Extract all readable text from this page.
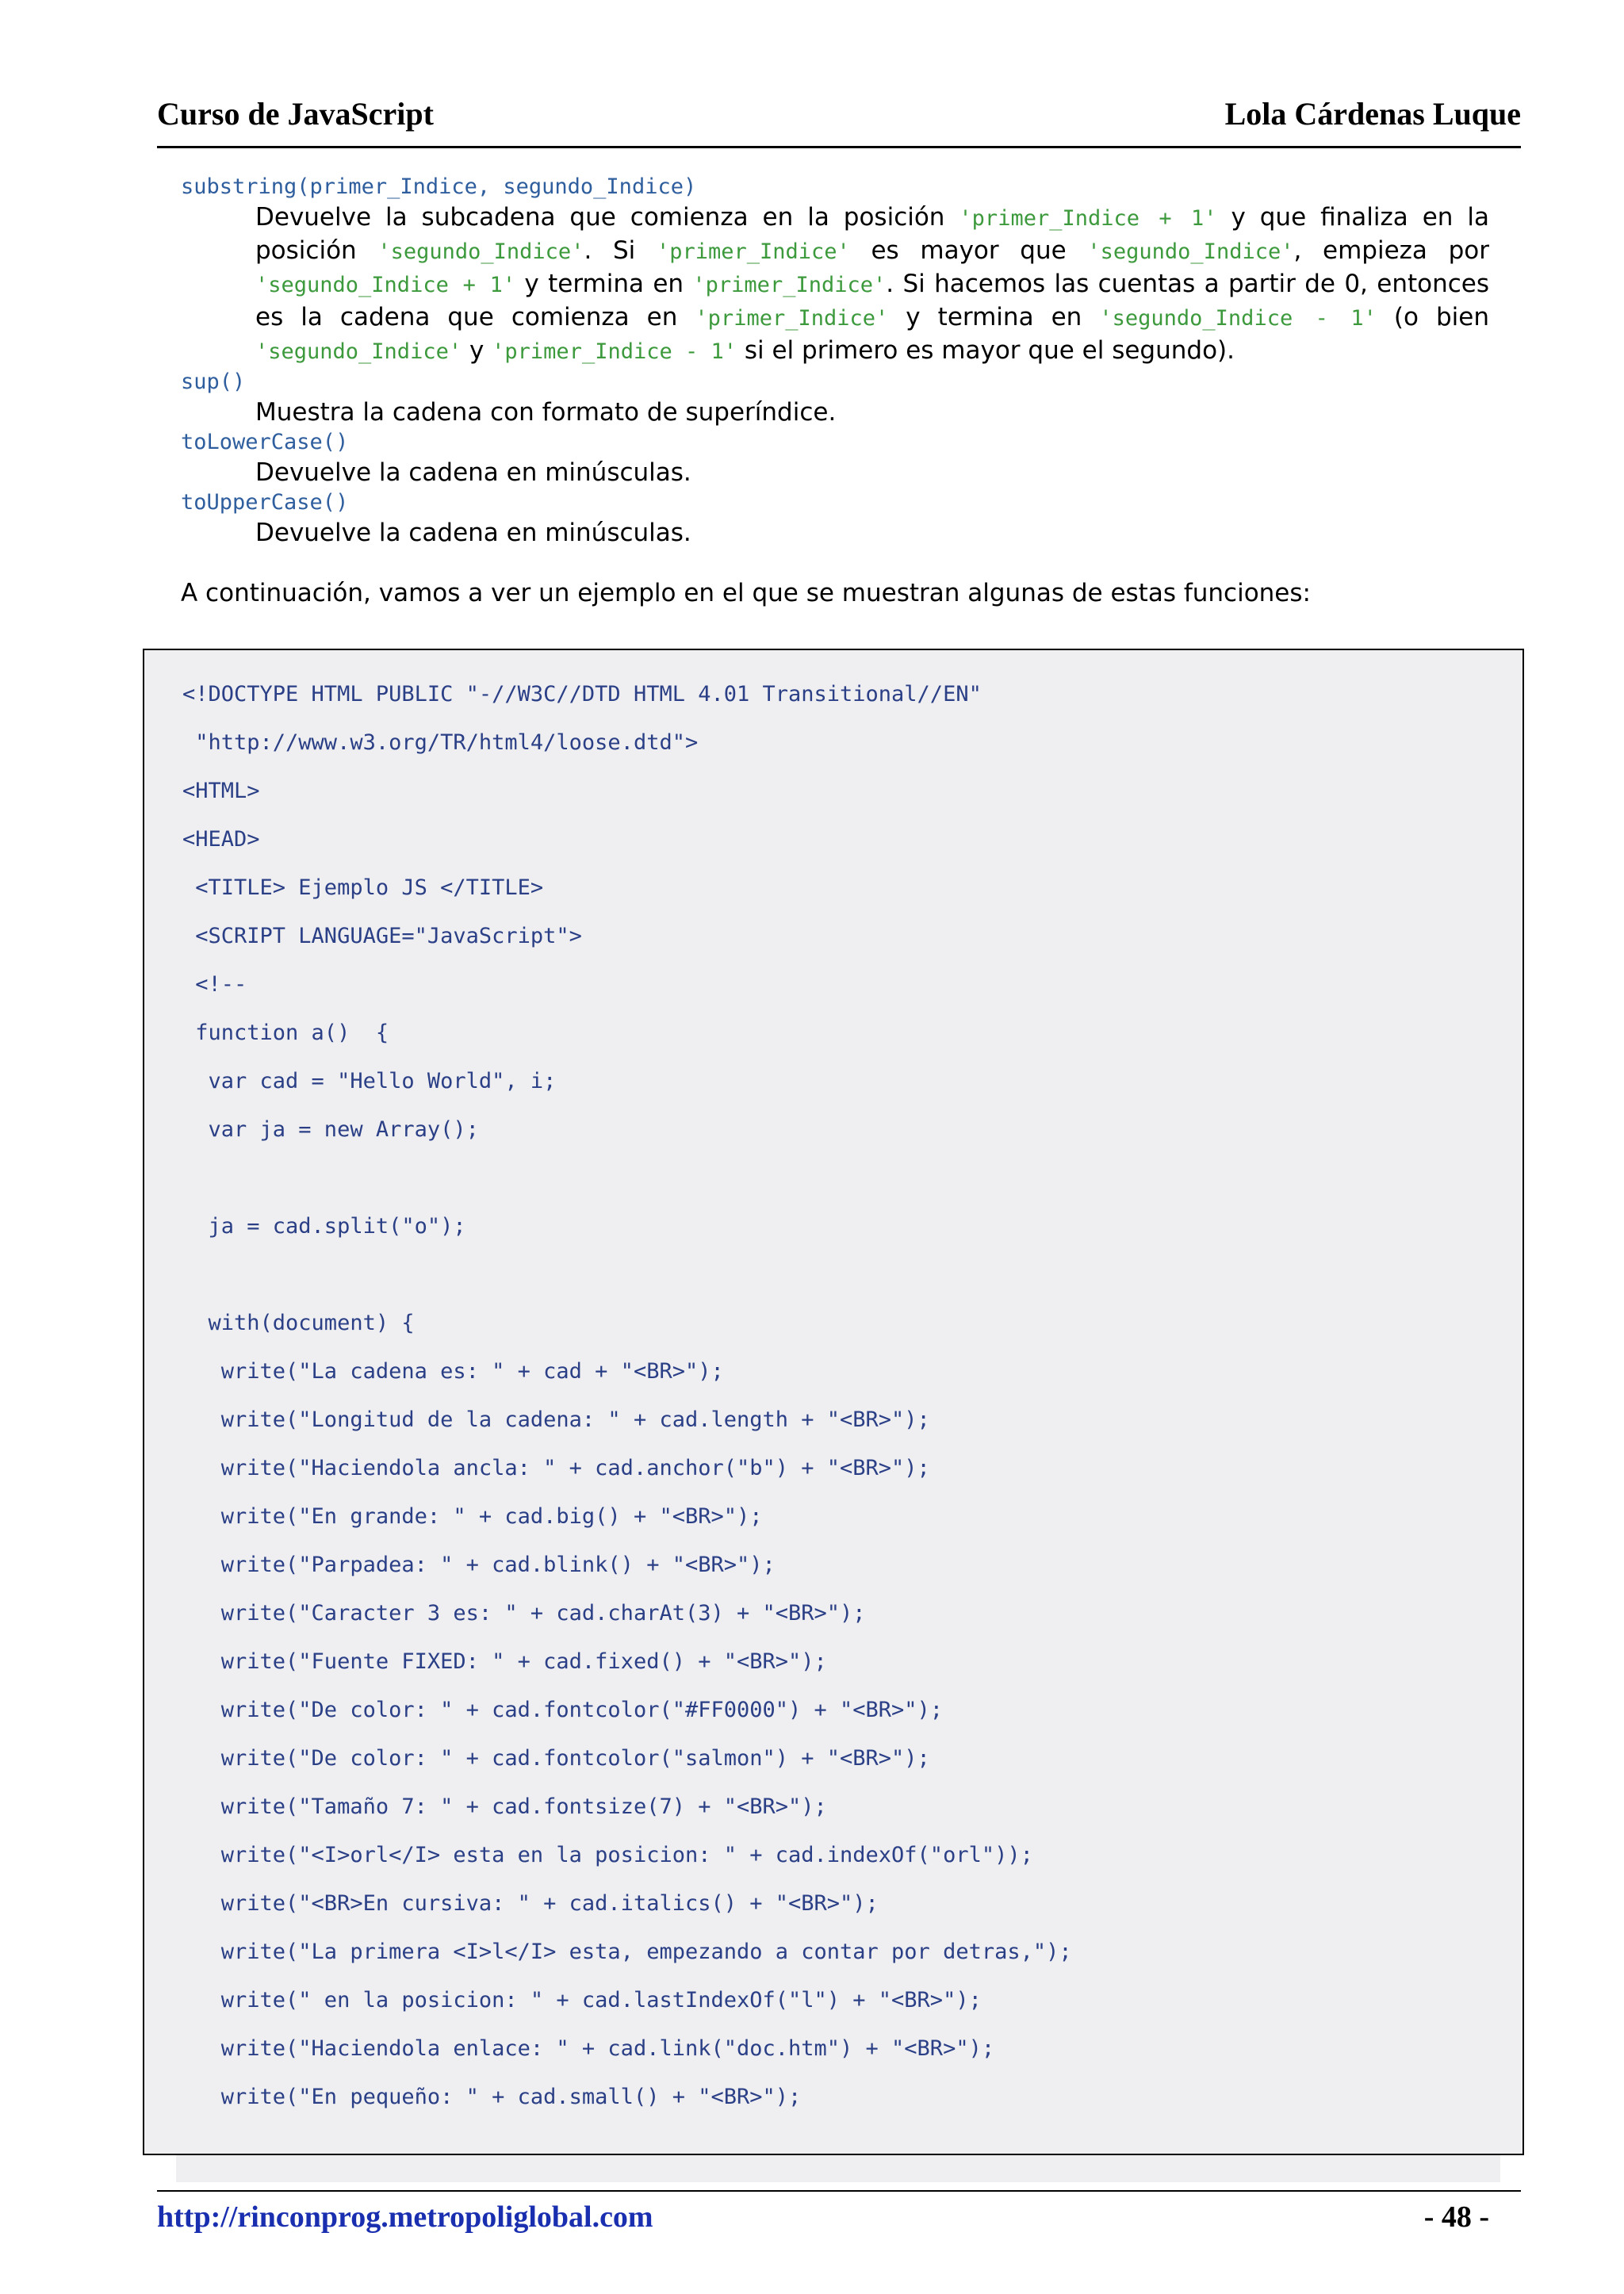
Curso de JavaScript	Lola Cárdenas Luque
substring(primer_Indice, segundo_Indice)
Devuelve la subcadena que comienza en la posición 'primer_Indice + 1' y que finaliza en la posición 'segundo_Indice'. Si 'primer_Indice' es mayor que 'segundo_Indice', empieza por 'segundo_Indice + 1' y termina en 'primer_Indice'. Si hacemos las cuentas a partir de 0, entonces es la cadena que comienza en 'primer_Indice' y termina en 'segundo_Indice - 1' (o bien 'segundo_Indice' y 'primer_Indice - 1' si el primero es mayor que el segundo).
sup()
Muestra la cadena con formato de superíndice.
toLowerCase()
Devuelve la cadena en minúsculas.
toUpperCase()
Devuelve la cadena en minúsculas.
A continuación, vamos a ver un ejemplo en el que se muestran algunas de estas funciones:
<!DOCTYPE HTML PUBLIC "-//W3C//DTD HTML 4.01 Transitional//EN"
"http://www.w3.org/TR/html4/loose.dtd">
<HTML>
<HEAD>
<TITLE> Ejemplo JS </TITLE>
<SCRIPT LANGUAGE="JavaScript">
<!--
function a()  {
var cad = "Hello World", i;
var ja = new Array();
ja = cad.split("o");
with(document) {
write("La cadena es: " + cad + "<BR>");
write("Longitud de la cadena: " + cad.length + "<BR>");
write("Haciendola ancla: " + cad.anchor("b") + "<BR>");
write("En grande: " + cad.big() + "<BR>");
write("Parpadea: " + cad.blink() + "<BR>");
write("Caracter 3 es: " + cad.charAt(3) + "<BR>");
write("Fuente FIXED: " + cad.fixed() + "<BR>");
write("De color: " + cad.fontcolor("#FF0000") + "<BR>");
write("De color: " + cad.fontcolor("salmon") + "<BR>");
write("Tamaño 7: " + cad.fontsize(7) + "<BR>");
write("<I>orl</I> esta en la posicion: " + cad.indexOf("orl"));
write("<BR>En cursiva: " + cad.italics() + "<BR>");
write("La primera <I>l</I> esta, empezando a contar por detras,");
write(" en la posicion: " + cad.lastIndexOf("l") + "<BR>");
write("Haciendola enlace: " + cad.link("doc.htm") + "<BR>");
write("En pequeño: " + cad.small() + "<BR>");
http://rinconprog.metropoliglobal.com	- 48 -
